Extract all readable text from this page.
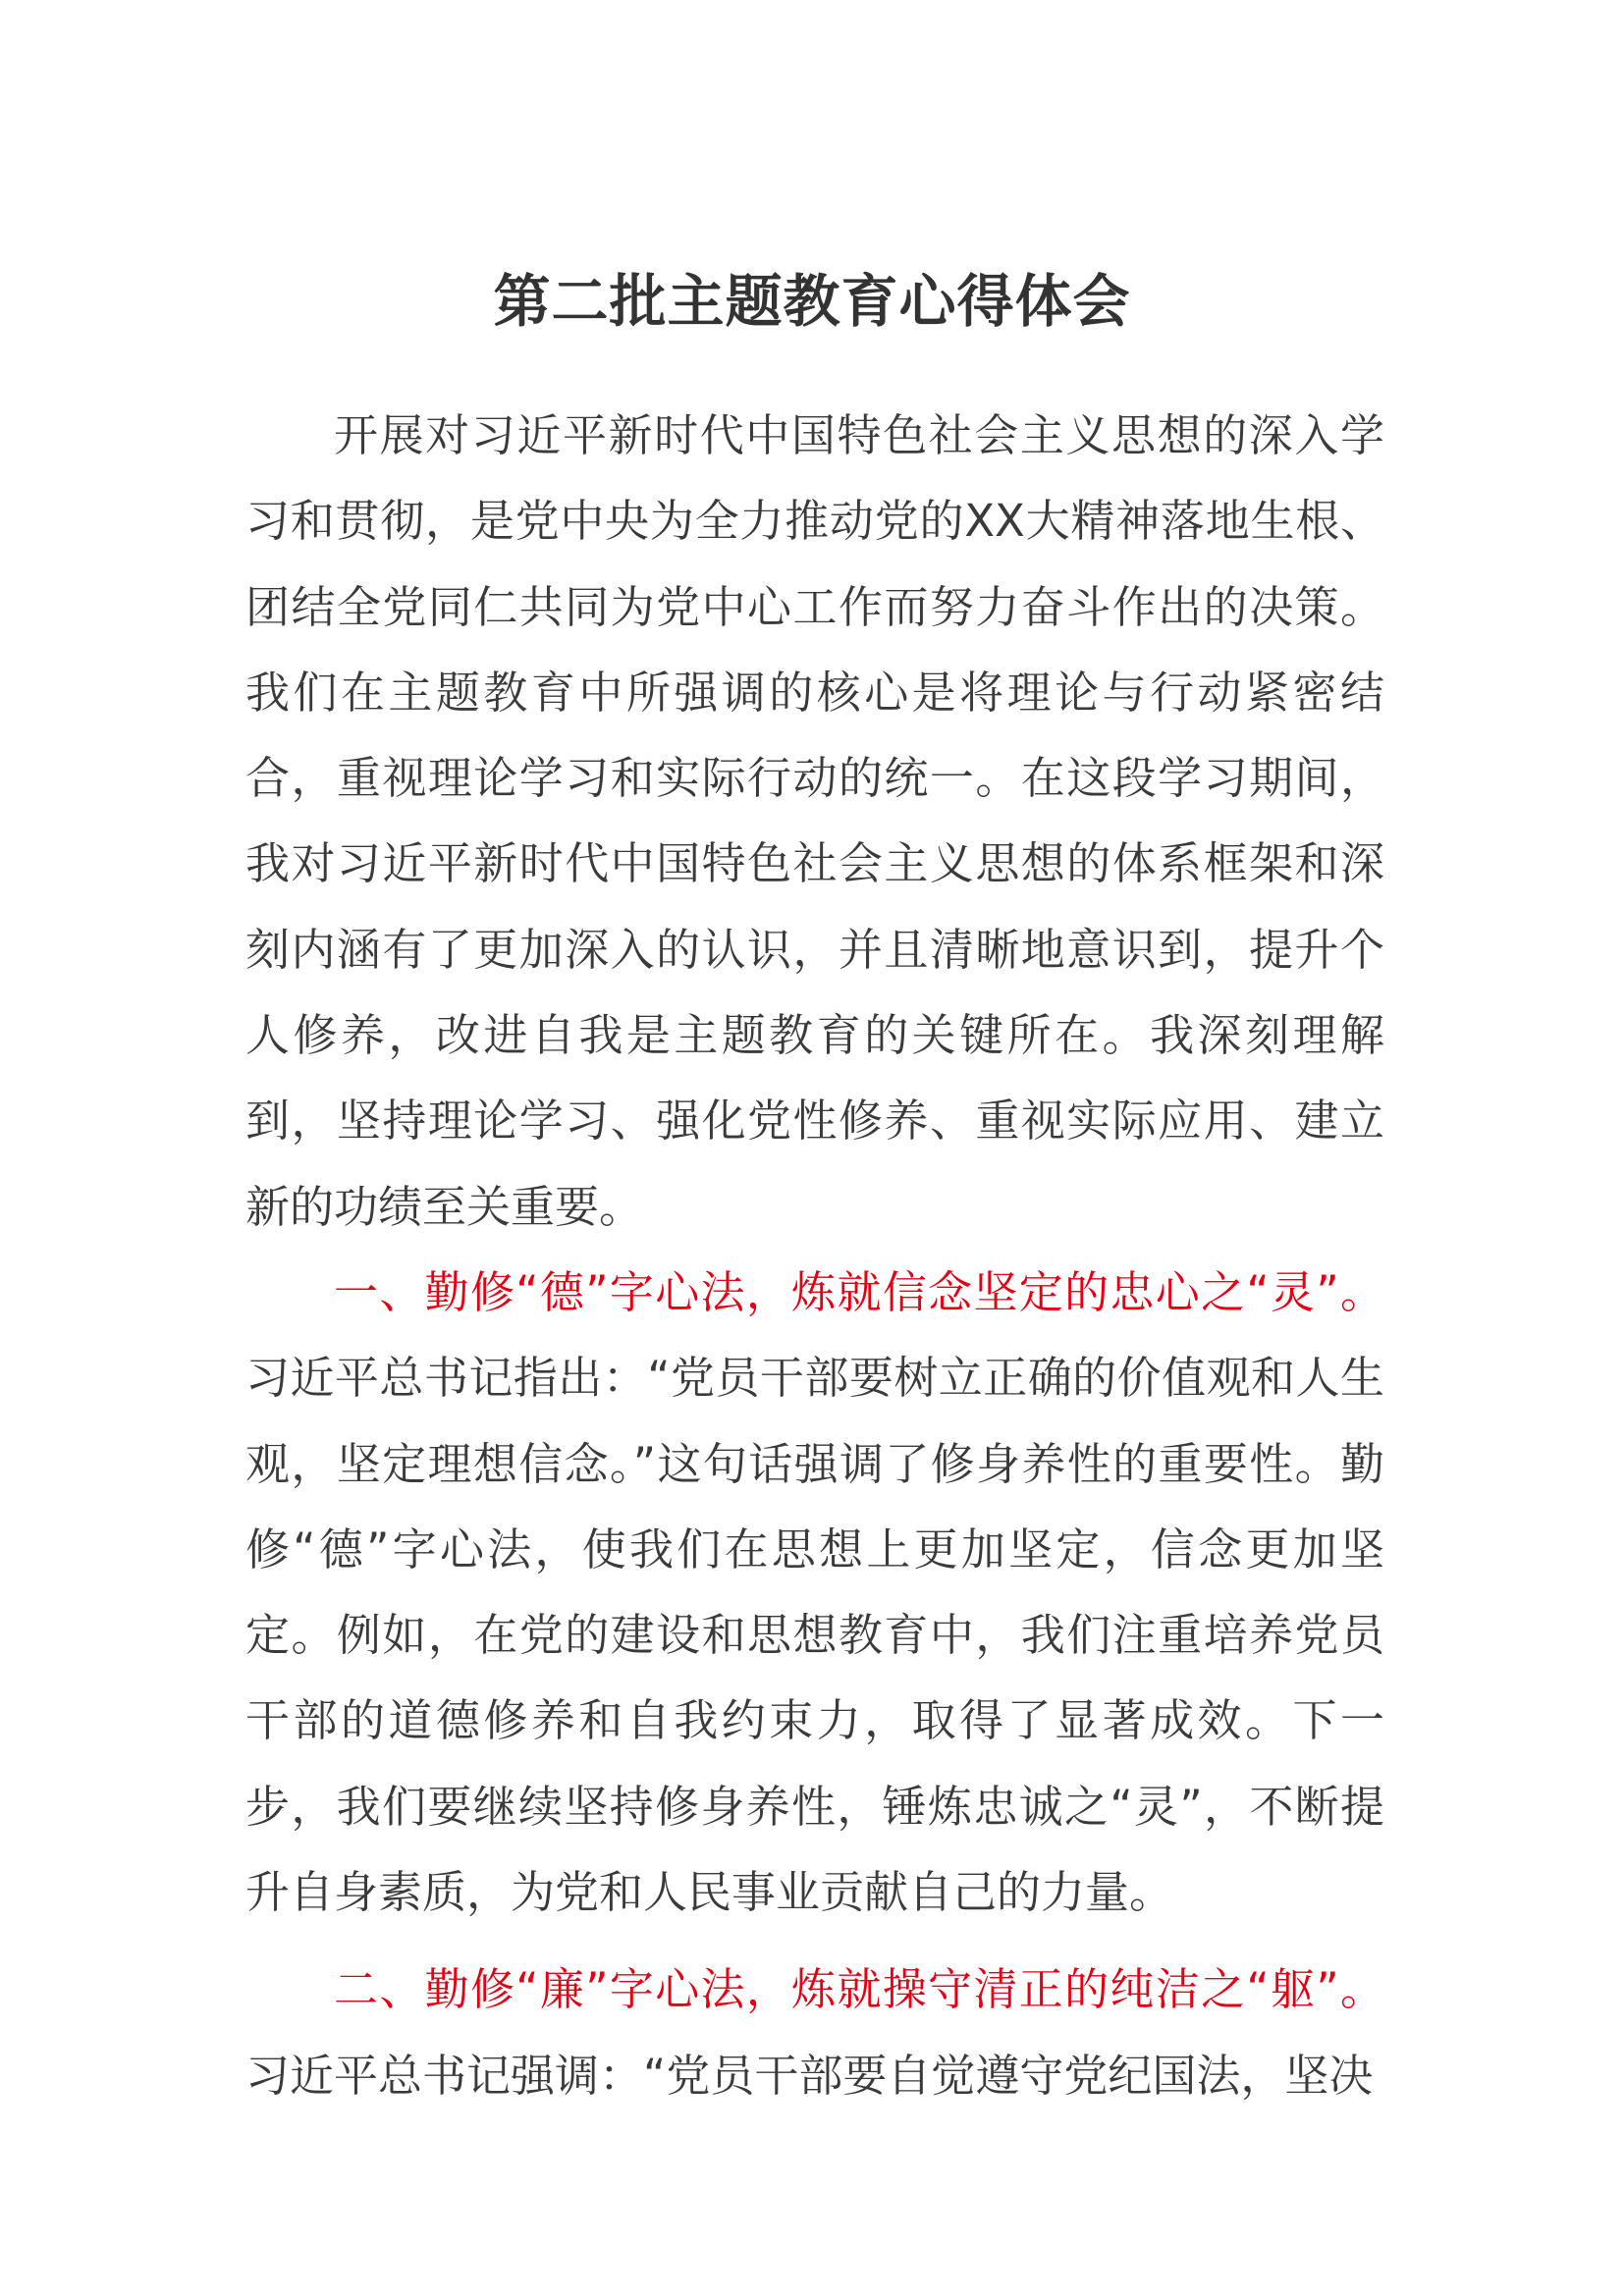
第二批主题教育心得体会

开展对习近平新时代中国特色社会主义思想的深入学习和贯彻，是党中央为全力推动党的XX大精神落地生根、团结全党同仁共同为党中心工作而努力奋斗作出的决策。我们在主题教育中所强调的核心是将理论与行动紧密结合，重视理论学习和实际行动的统一。在这段学习期间，我对习近平新时代中国特色社会主义思想的体系框架和深刻内涵有了更加深入的认识，并且清晰地意识到，提升个人修养，改进自我是主题教育的关键所在。我深刻理解到，坚持理论学习、强化党性修养、重视实际应用、建立新的功绩至关重要。

一、勤修“德”字心法，炼就信念坚定的忠心之“灵”。习近平总书记指出：“党员干部要树立正确的价值观和人生观，坚定理想信念。”这句话强调了修身养性的重要性。勤修“德”字心法，使我们在思想上更加坚定，信念更加坚定。例如，在党的建设和思想教育中，我们注重培养党员干部的道德修养和自我约束力，取得了显著成效。下一步，我们要继续坚持修身养性，锤炼忠诚之“灵”，不断提升自身素质，为党和人民事业贡献自己的力量。

二、勤修“廉”字心法，炼就操守清正的纯洁之“躯”。习近平总书记强调：“党员干部要自觉遵守党纪国法，坚决
